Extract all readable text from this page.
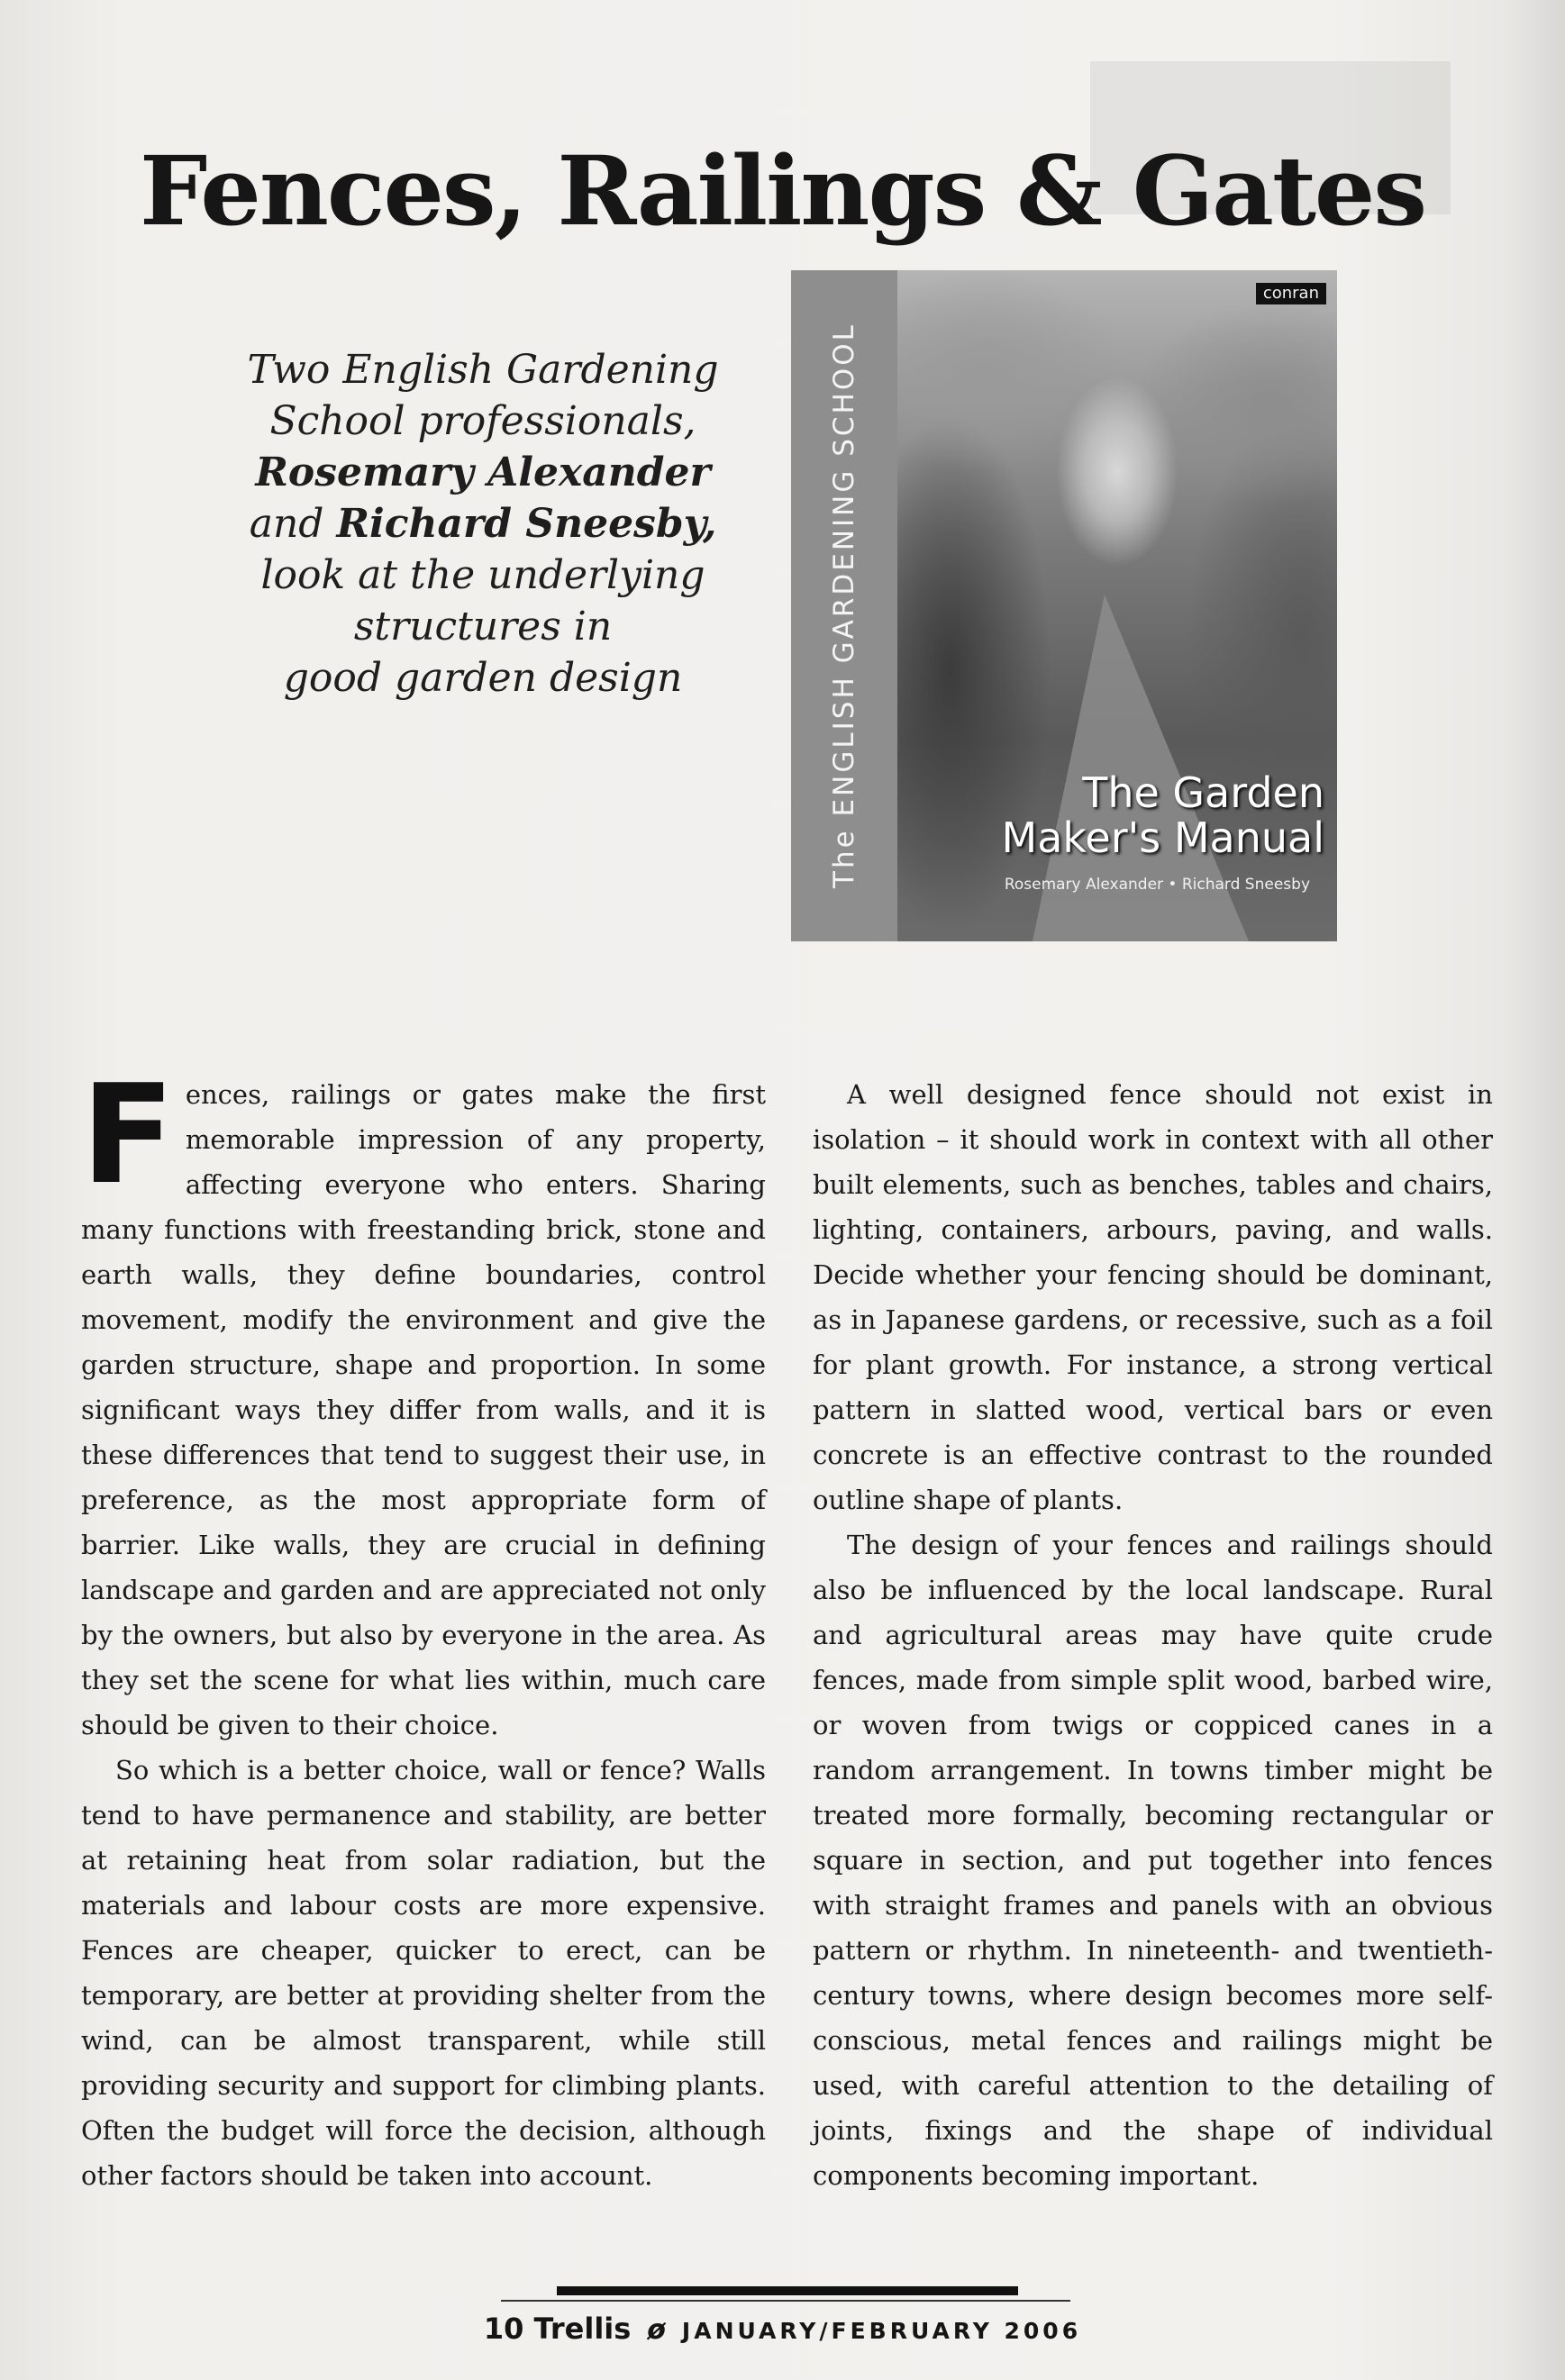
Fences, Railings & Gates
Two English Gardening
School professionals,
Rosemary Alexander
and Richard Sneesby,
look at the underlying
structures in
good garden design	The ENGLISH GARDENING SCHOOL
conran
The Garden
Maker's Manual
Rosemary Alexander • Richard Sneesby

Fences, railings or gates make the first memorable impression of any property, affecting everyone who enters. Sharing many functions with freestanding brick, stone and earth walls, they define boundaries, control movement, modify the environment and give the garden structure, shape and proportion. In some significant ways they differ from walls, and it is these differences that tend to suggest their use, in preference, as the most appropriate form of barrier. Like walls, they are crucial in defining landscape and garden and are appreciated not only by the owners, but also by everyone in the area. As they set the scene for what lies within, much care should be given to their choice.

So which is a better choice, wall or fence? Walls tend to have permanence and stability, are better at retaining heat from solar radiation, but the materials and labour costs are more expensive. Fences are cheaper, quicker to erect, can be temporary, are better at providing shelter from the wind, can be almost transparent, while still providing security and support for climbing plants. Often the budget will force the decision, although other factors should be taken into account.

A well designed fence should not exist in isolation – it should work in context with all other built elements, such as benches, tables and chairs, lighting, containers, arbours, paving, and walls. Decide whether your fencing should be dominant, as in Japanese gardens, or recessive, such as a foil for plant growth. For instance, a strong vertical pattern in slatted wood, vertical bars or even concrete is an effective contrast to the rounded outline shape of plants.

The design of your fences and railings should also be influenced by the local landscape. Rural and agricultural areas may have quite crude fences, made from simple split wood, barbed wire, or woven from twigs or coppiced canes in a random arrangement. In towns timber might be treated more formally, becoming rectangular or square in section, and put together into fences with straight frames and panels with an obvious pattern or rhythm. In nineteenth- and twentieth-century towns, where design becomes more self-conscious, metal fences and railings might be used, with careful attention to the detailing of joints, fixings and the shape of individual components becoming important.

10 Trellis ø JANUARY/FEBRUARY 2006
